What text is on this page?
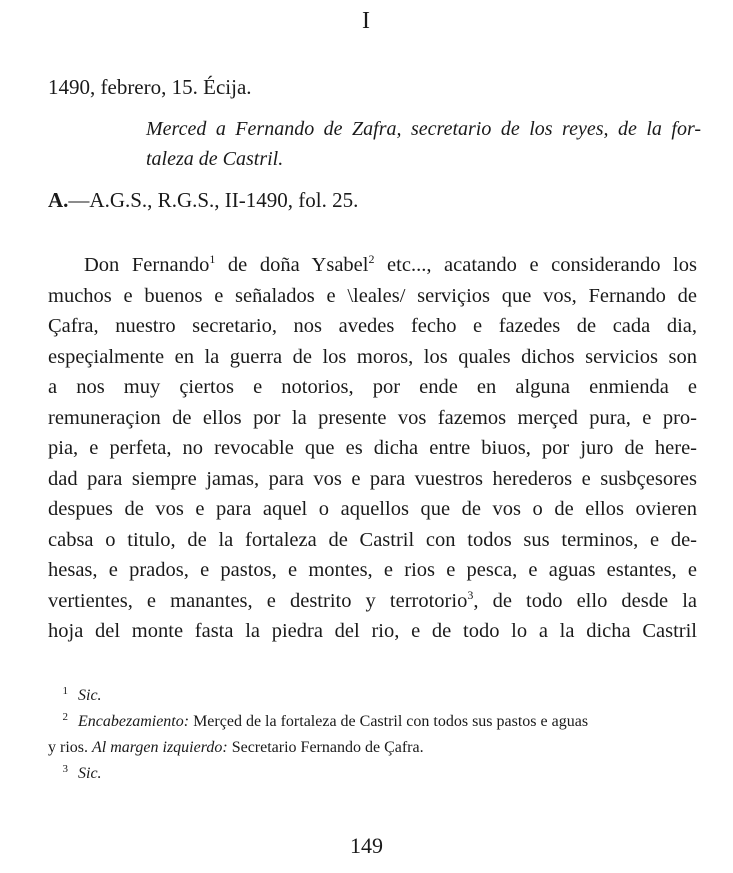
I
1490, febrero, 15. Écija.
Merced a Fernando de Zafra, secretario de los reyes, de la for-
taleza de Castril.
A.—A.G.S., R.G.S., II-1490, fol. 25.
Don Fernando$^1$ de doña Ysabel$^2$ etc..., acatando e considerando los
muchos e buenos e señalados e \leales/ serviçios que vos, Fernando de
Çafra, nuestro secretario, nos avedes fecho e fazedes de cada dia,
espeçialmente en la guerra de los moros, los quales dichos servicios son
a nos muy çiertos e notorios, por ende en alguna enmienda e
remuneraçion de ellos por la presente vos fazemos merçed pura, e pro-
pia, e perfeta, no revocable que es dicha entre biuos, por juro de here-
dad para siempre jamas, para vos e para vuestros herederos e susbçesores
despues de vos e para aquel o aquellos que de vos o de ellos ovieren
cabsa o titulo, de la fortaleza de Castril con todos sus terminos, e de-
hesas, e prados, e pastos, e montes, e rios e pesca, e aguas estantes, e
vertientes, e manantes, e destrito y terrotorio$^3$, de todo ello desde la
hoja del monte fasta la piedra del rio, e de todo lo a la dicha Castril
1 Sic.
2 Encabezamiento: Merçed de la fortaleza de Castril con todos sus pastos e aguas
y rios. Al margen izquierdo: Secretario Fernando de Çafra.
3 Sic.
149
